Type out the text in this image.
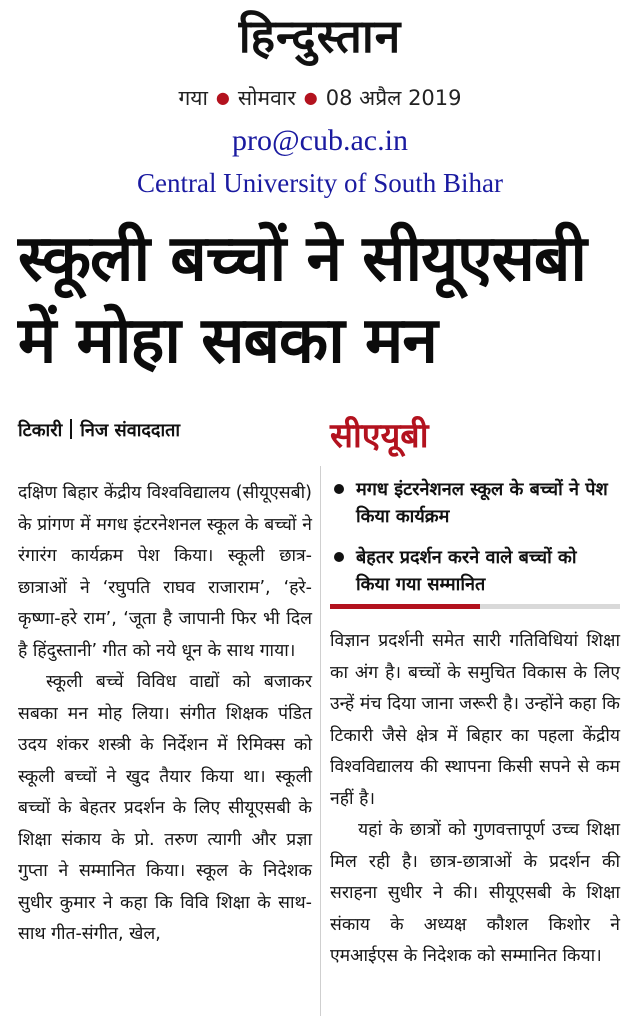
हिन्दुस्तान
गया ● सोमवार ● 08 अप्रैल 2019
pro@cub.ac.in
Central University of South Bihar
स्कूली बच्चों ने सीयूएसबी
में मोहा सबका मन
टिकारी निज संवाददाता	सीएयूबी
मगध इंटरनेशनल स्कूल के बच्चों ने पेश किया कार्यक्रम
बेहतर प्रदर्शन करने वाले बच्चों को किया गया सम्मानित

दक्षिण बिहार केंद्रीय विश्वविद्यालय (सीयूएसबी) के प्रांगण में मगध इंटरनेशनल स्कूल के बच्चों ने रंगारंग कार्यक्रम पेश किया। स्कूली छात्र-छात्राओं ने ‘रघुपति राघव राजाराम’, ‘हरे-कृष्णा-हरे राम’, ‘जूता है जापानी फिर भी दिल है हिंदुस्तानी’ गीत को नये धून के साथ गाया।

स्कूली बच्चें विविध वाद्यों को बजाकर सबका मन मोह लिया। संगीत शिक्षक पंडित उदय शंकर शस्त्री के निर्देशन में रिमिक्स को स्कूली बच्चों ने खुद तैयार किया था। स्कूली बच्चों के बेहतर प्रदर्शन के लिए सीयूएसबी के शिक्षा संकाय के प्रो. तरुण त्यागी और प्रज्ञा गुप्ता ने सम्मानित किया। स्कूल के निदेशक सुधीर कुमार ने कहा कि विवि शिक्षा के साथ-साथ गीत-संगीत, खेल,

विज्ञान प्रदर्शनी समेत सारी गतिविधियां शिक्षा का अंग है। बच्चों के समुचित विकास के लिए उन्हें मंच दिया जाना जरूरी है। उन्होंने कहा कि टिकारी जैसे क्षेत्र में बिहार का पहला केंद्रीय विश्वविद्यालय की स्थापना किसी सपने से कम नहीं है।

यहां के छात्रों को गुणवत्तापूर्ण उच्च शिक्षा मिल रही है। छात्र-छात्राओं के प्रदर्शन की सराहना सुधीर ने की। सीयूएसबी के शिक्षा संकाय के अध्यक्ष कौशल किशोर ने एमआईएस के निदेशक को सम्मानित किया।
